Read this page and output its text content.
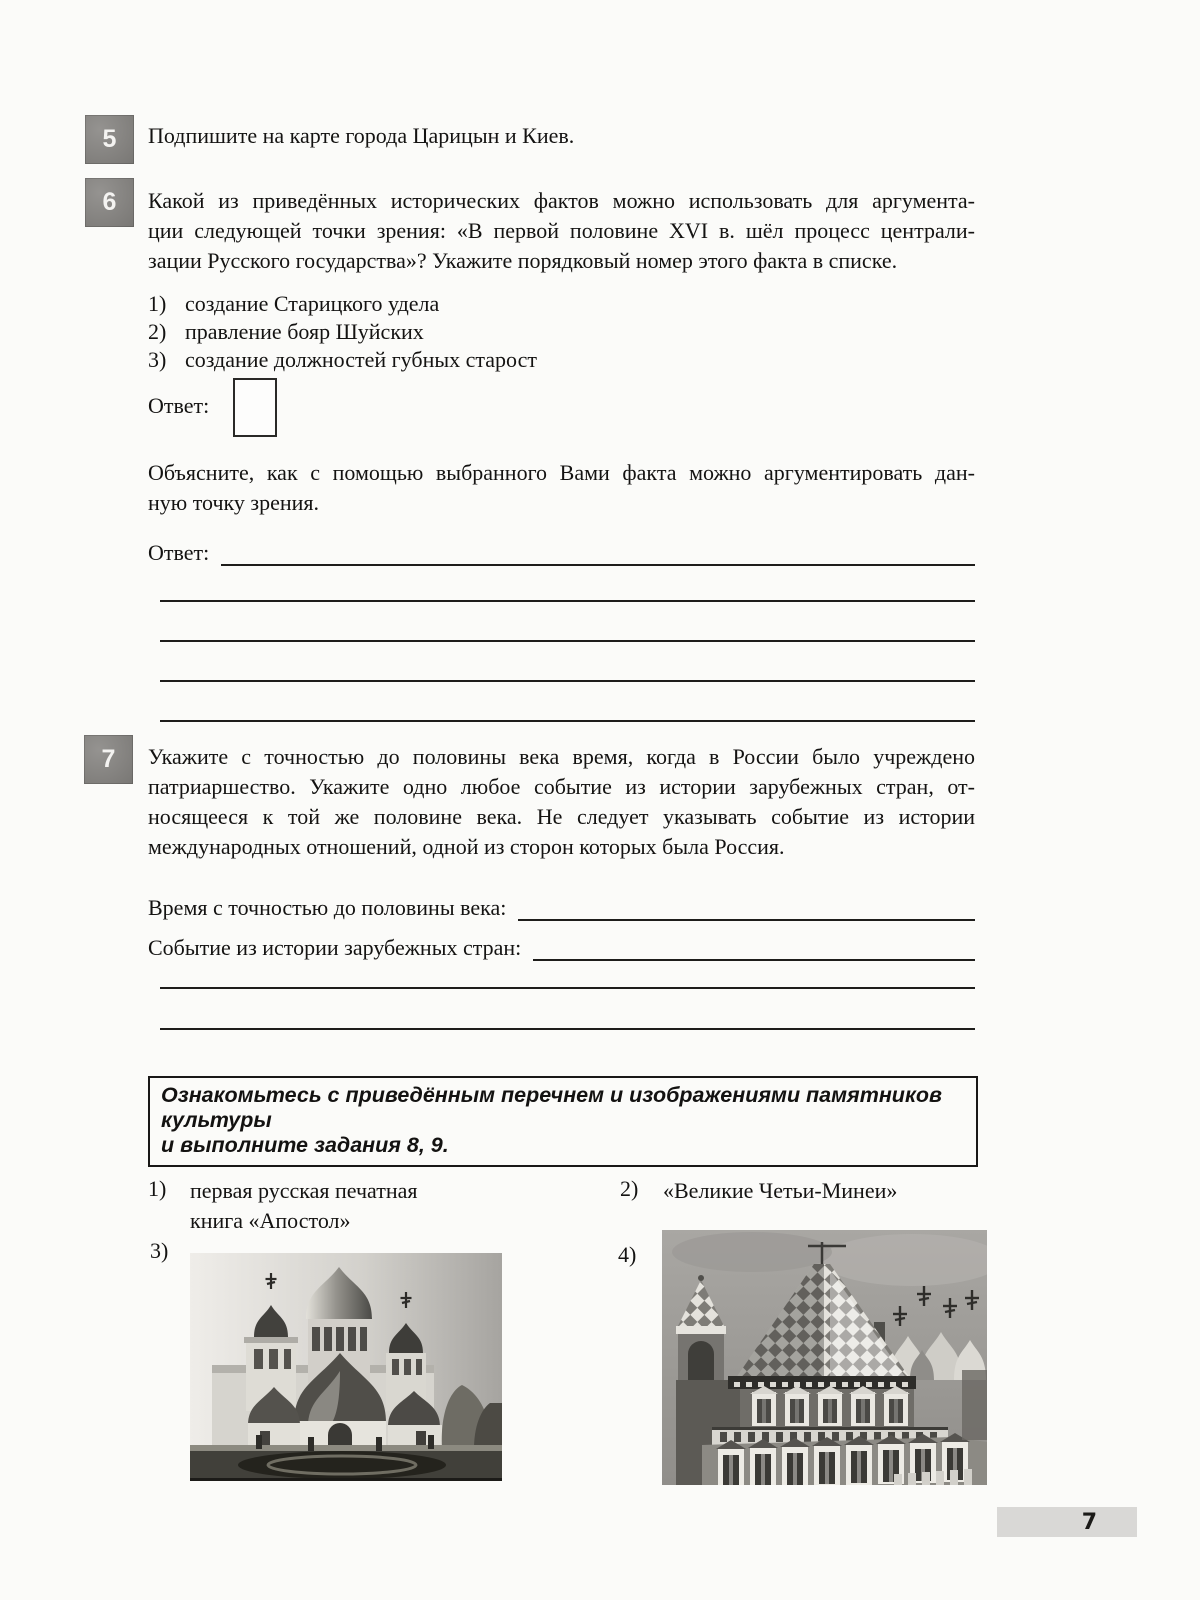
5 Подпишите на карте города Царицын и Киев.
6 Какой из приведённых исторических фактов можно использовать для аргумента-
ции следующей точки зрения: «В первой половине XVI в. шёл процесс централи-
зации Русского государства»? Укажите порядковый номер этого факта в списке.
1) создание Старицкого удела
2) правление бояр Шуйских
3) создание должностей губных старост
Ответ:
Объясните, как с помощью выбранного Вами факта можно аргументировать дан-
ную точку зрения.
Ответ:
7 Укажите с точностью до половины века время, когда в России было учреждено
патриаршество. Укажите одно любое событие из истории зарубежных стран, от-
носящееся к той же половине века. Не следует указывать событие из истории
международных отношений, одной из сторон которых была Россия.
Время с точностью до половины века:
Событие из истории зарубежных стран:
Ознакомьтесь с приведённым перечнем и изображениями памятников культуры
и выполните задания 8, 9.
1) первая русская печатная
книга «Апостол»
2) «Великие Четьи-Минеи»
3)	4)
7
